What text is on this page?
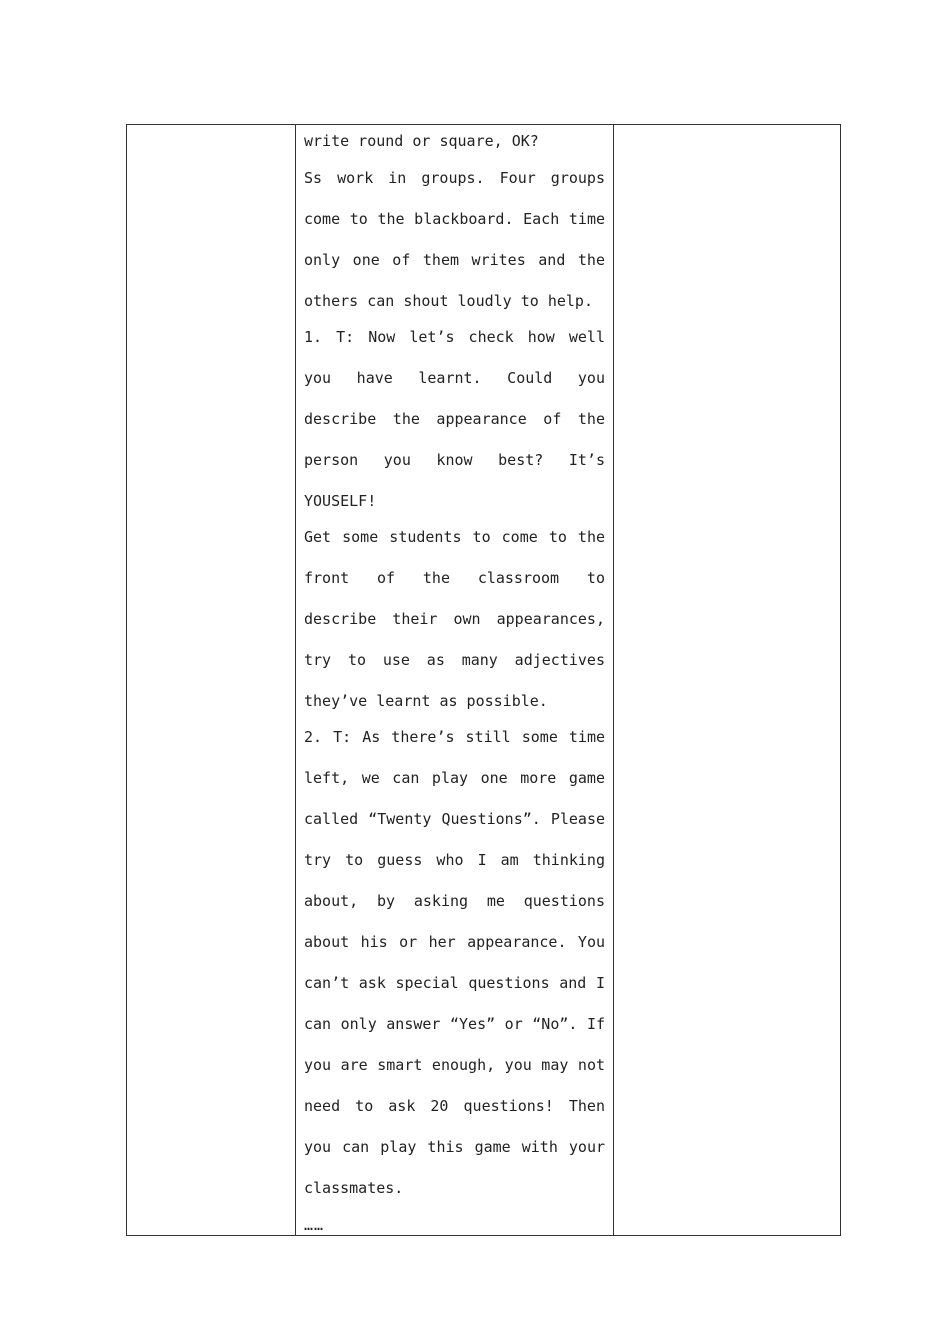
write round or square, OK?

Ss work in groups. Four groups come to the blackboard. Each time only one of them writes and the others can shout loudly to help.

1. T: Now let’s check how well you have learnt. Could you describe the appearance of the person you know best? It’s YOUSELF!

Get some students to come to the front of the classroom to describe their own appearances, try to use as many adjectives they’ve learnt as possible.

2. T: As there’s still some time left, we can play one more game called “Twenty Questions”. Please try to guess who I am thinking about, by asking me questions about his or her appearance. You can’t ask special questions and I can only answer “Yes” or “No”. If you are smart enough, you may not need to ask 20 questions! Then you can play this game with your classmates.

……
